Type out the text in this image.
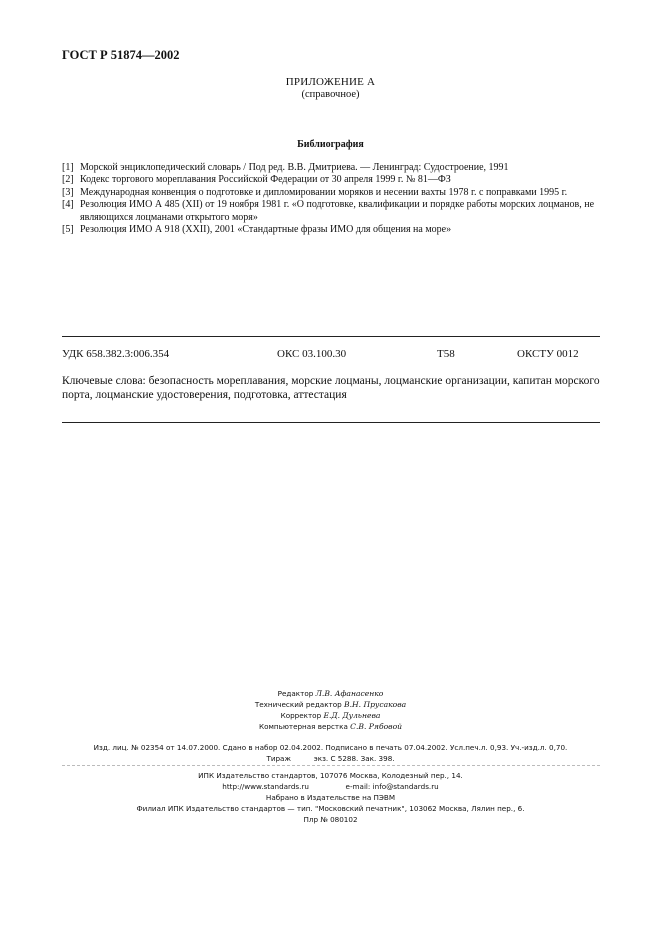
ГОСТ Р 51874—2002
ПРИЛОЖЕНИЕ А
(справочное)
Библиография
[1] Морской энциклопедический словарь / Под ред. В.В. Дмитриева. — Ленинград: Судостроение, 1991
[2] Кодекс торгового мореплавания Российской Федерации от 30 апреля 1999 г. № 81—ФЗ
[3] Международная конвенция о подготовке и дипломировании моряков и несении вахты 1978 г. с поправками 1995 г.
[4] Резолюция ИМО А 485 (XII) от 19 ноября 1981 г. «О подготовке, квалификации и порядке работы морских лоцманов, не являющихся лоцманами открытого моря»
[5] Резолюция ИМО А 918 (XXII), 2001 «Стандартные фразы ИМО для общения на море»
УДК 658.382.3:006.354	ОКС 03.100.30	Т58	ОКСТУ 0012
Ключевые слова: безопасность мореплавания, морские лоцманы, лоцманские организации, капитан морского порта, лоцманские удостоверения, подготовка, аттестация
Редактор Л.В. Афанасенко
Технический редактор В.Н. Прусакова
Корректор Е.Д. Дульнева
Компьютерная верстка С.В. Рябовой
Изд. лиц. № 02354 от 14.07.2000. Сдано в набор 02.04.2002. Подписано в печать 07.04.2002. Усл.печ.л. 0,93. Уч.-изд.л. 0,70.
Тираж          экз. С 5288. Зак. 398.
ИПК Издательство стандартов, 107076 Москва, Колодезный пер., 14.
http://www.standards.ru                e-mail: info@standards.ru
Набрано в Издательстве на ПЭВМ
Филиал ИПК Издательство стандартов — тип. "Московский печатник", 103062 Москва, Лялин пер., 6.
Плр № 080102
